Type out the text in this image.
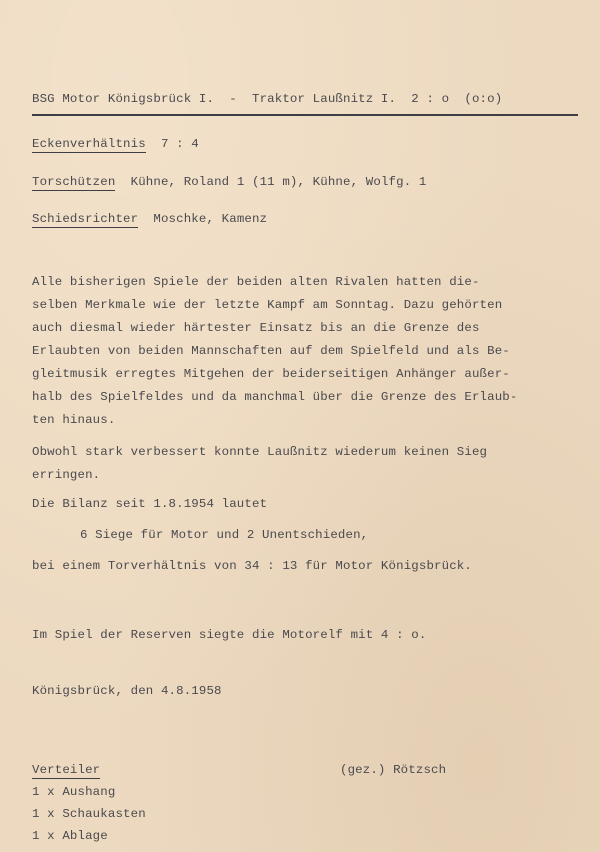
BSG Motor Königsbrück I.  -  Traktor Laußnitz I.  2 : o  (o:o)
Eckenverhältnis 7 : 4
Torschützen Kühne, Roland 1 (11 m), Kühne, Wolfg. 1
Schiedsrichter Moschke, Kamenz
Alle bisherigen Spiele der beiden alten Rivalen hatten die-
selben Merkmale wie der letzte Kampf am Sonntag. Dazu gehörten
auch diesmal wieder härtester Einsatz bis an die Grenze des
Erlaubten von beiden Mannschaften auf dem Spielfeld und als Be-
gleitmusik erregtes Mitgehen der beiderseitigen Anhänger außer-
halb des Spielfeldes und da manchmal über die Grenze des Erlaub-
ten hinaus.
Obwohl stark verbessert konnte Laußnitz wiederum keinen Sieg
erringen.
Die Bilanz seit 1.8.1954 lautet
6 Siege für Motor und 2 Unentschieden,
bei einem Torverhältnis von 34 : 13 für Motor Königsbrück.
Im Spiel der Reserven siegte die Motorelf mit 4 : o.
Königsbrück, den 4.8.1958
Verteiler
1 x Aushang
1 x Schaukasten
1 x Ablage
(gez.) Rötzsch
